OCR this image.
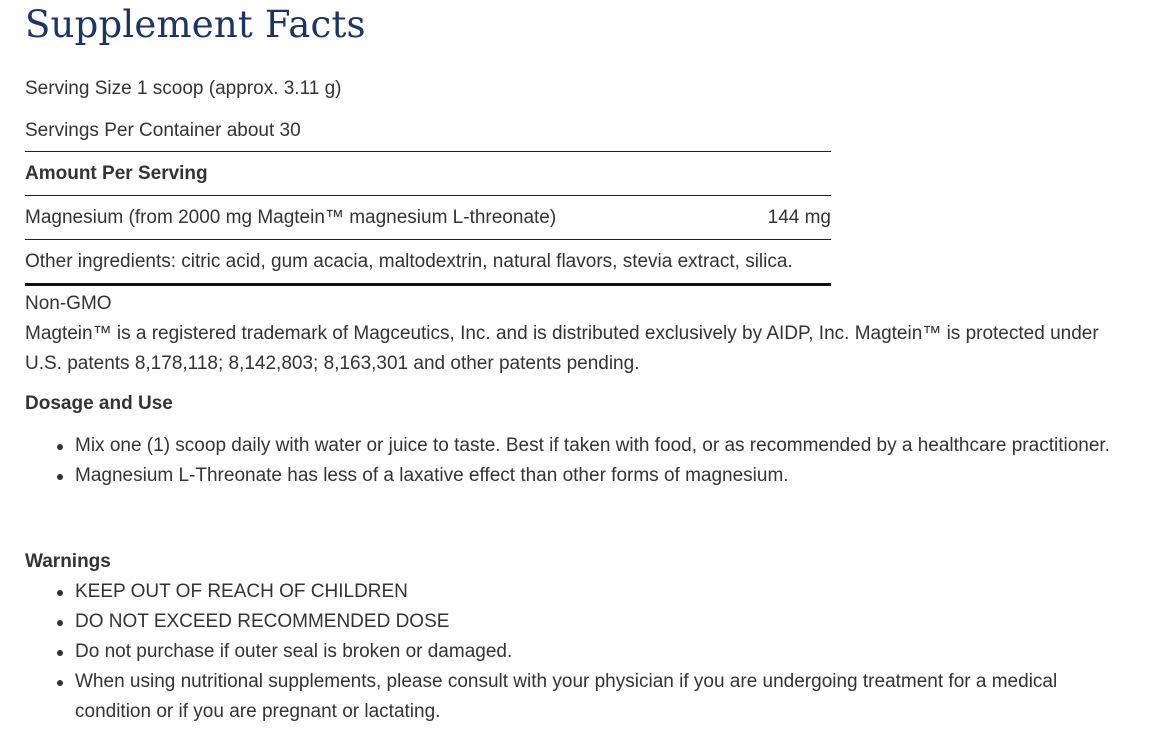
Supplement Facts
Serving Size 1 scoop (approx. 3.11 g)
Servings Per Container about 30
Amount Per Serving
Magnesium (from 2000 mg Magtein™ magnesium L-threonate)	144 mg
Other ingredients: citric acid, gum acacia, maltodextrin, natural flavors, stevia extract, silica.

Non-GMO

Magtein™ is a registered trademark of Magceutics, Inc. and is distributed exclusively by AIDP, Inc. Magtein™ is protected under U.S. patents 8,178,118; 8,142,803; 8,163,301 and other patents pending.

Dosage and Use

Mix one (1) scoop daily with water or juice to taste. Best if taken with food, or as recommended by a healthcare practitioner.
Magnesium L-Threonate has less of a laxative effect than other forms of magnesium.

Warnings

KEEP OUT OF REACH OF CHILDREN
DO NOT EXCEED RECOMMENDED DOSE
Do not purchase if outer seal is broken or damaged.
When using nutritional supplements, please consult with your physician if you are undergoing treatment for a medical condition or if you are pregnant or lactating.
